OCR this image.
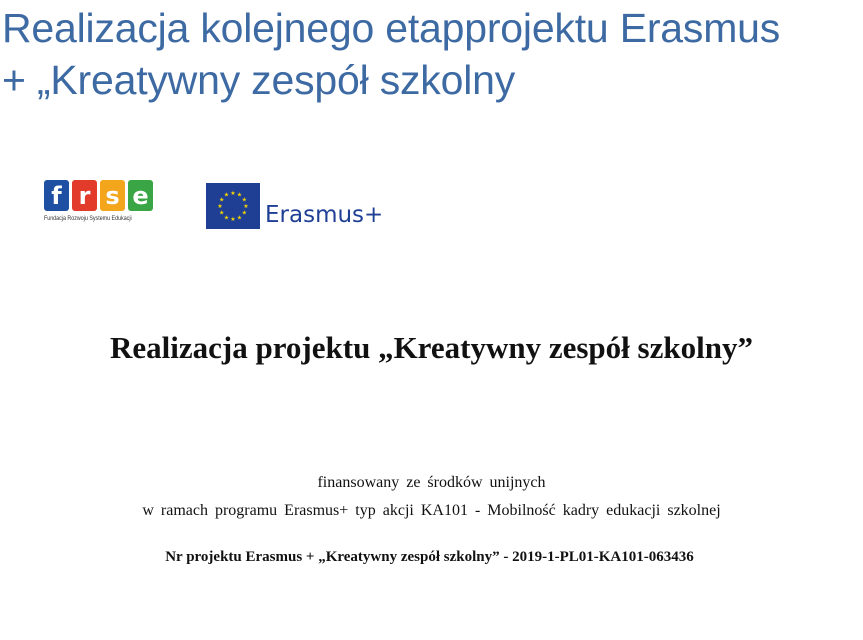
Realizacja kolejnego etapprojektu Erasmus
+ „Kreatywny zespół szkolny
f r s e
Fundacja Rozwoju Systemu Edukacji
★ ★
★
★
★
★
★
★
★
★
★
★
Erasmus+
Realizacja projektu „Kreatywny zespół szkolny”
finansowany ze środków unijnych
w ramach programu Erasmus+ typ akcji KA101 - Mobilność kadry edukacji szkolnej
Nr projektu Erasmus + „Kreatywny zespół szkolny” - 2019-1-PL01-KA101-063436
